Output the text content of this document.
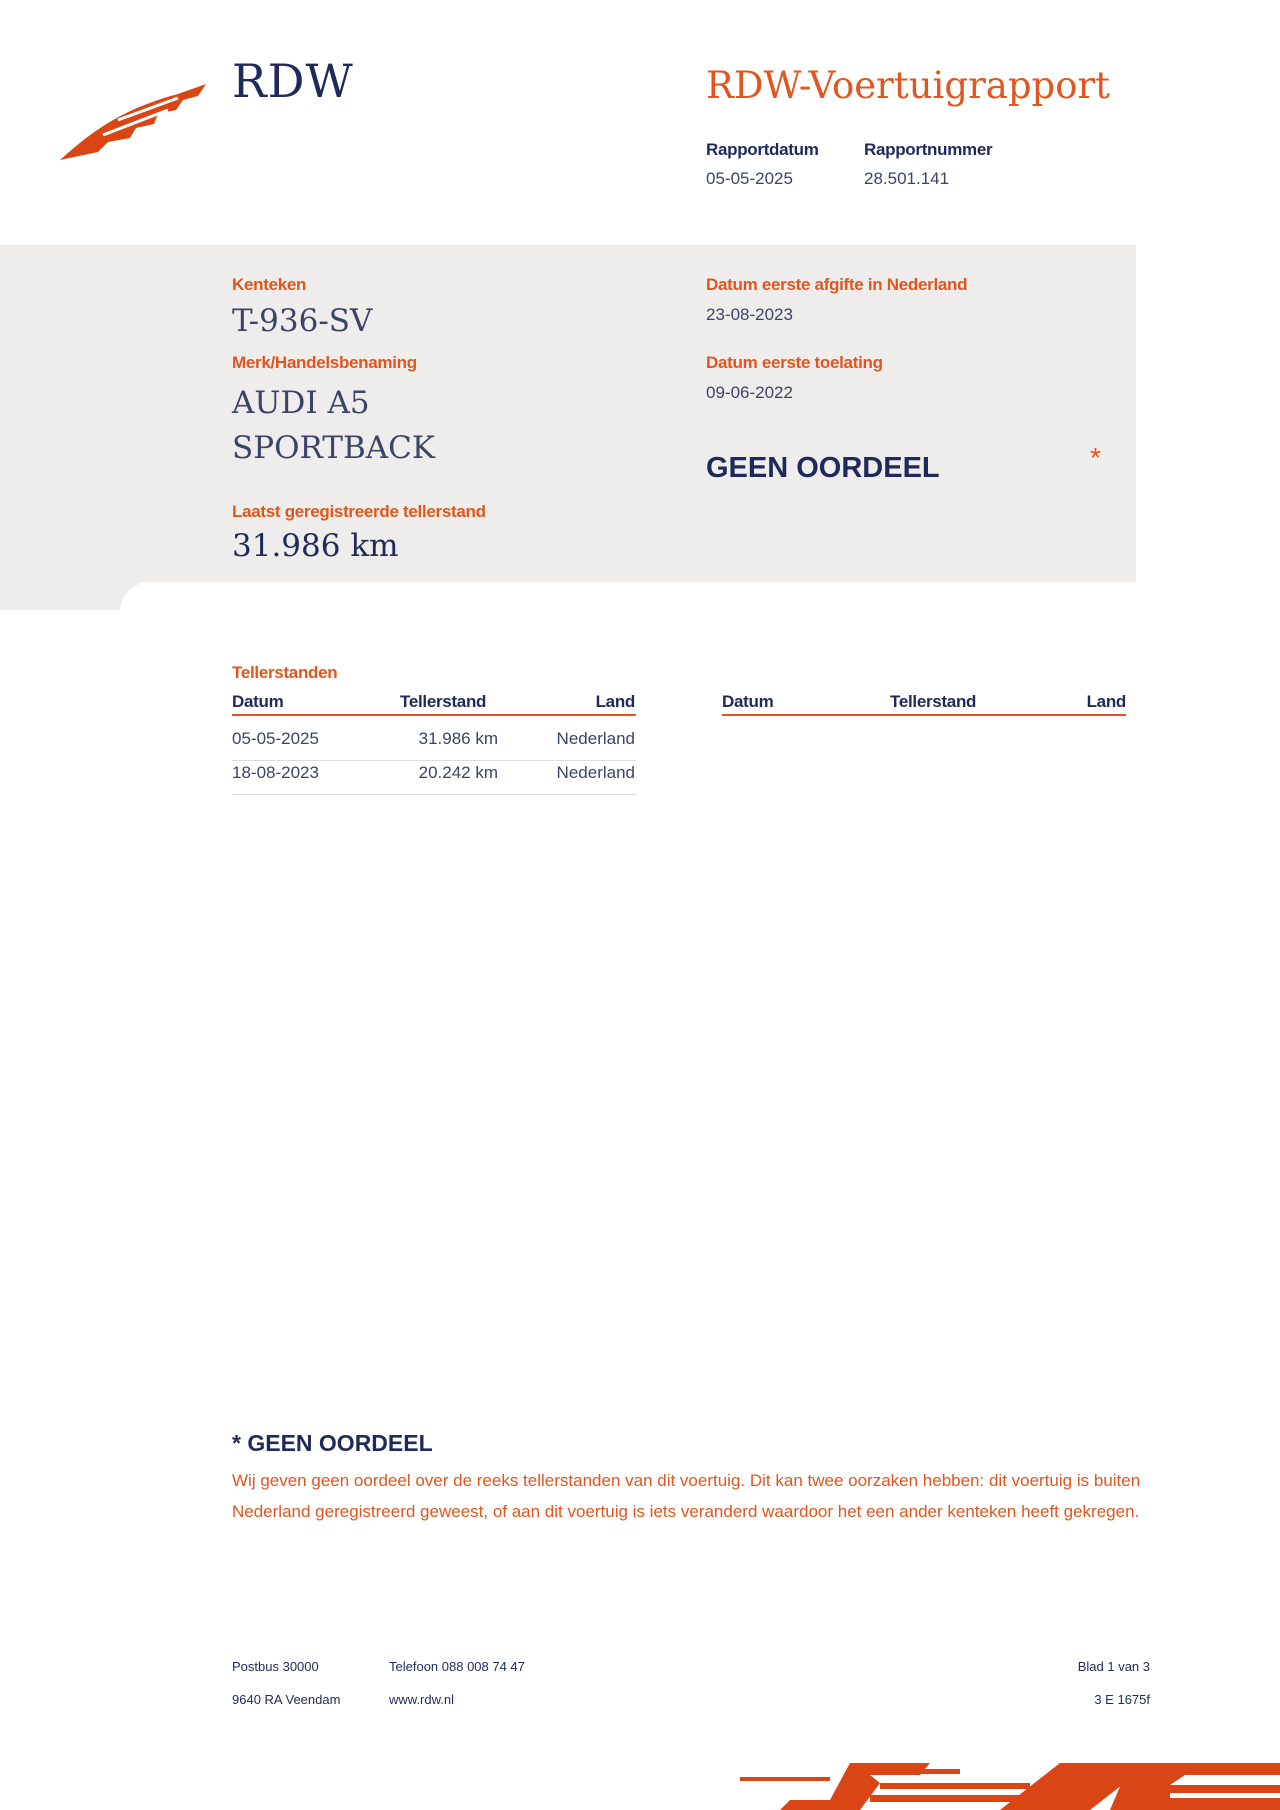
RDW	RDW-Voertuigrapport
Rapportdatum
05-05-2025
Rapportnummer
28.501.141
Kenteken
T-936-SV
Merk/Handelsbenaming
AUDI A5
SPORTBACK
Laatst geregistreerde tellerstand
31.986 km
Datum eerste afgifte in Nederland
23-08-2023
Datum eerste toelating
09-06-2022
GEEN OORDEEL	*
Tellerstanden
Datum	Tellerstand	Land	Datum	Tellerstand	Land
05-05-2025	31.986 km	Nederland
18-08-2023	20.242 km	Nederland
* GEEN OORDEEL
Wij geven geen oordeel over de reeks tellerstanden van dit voertuig. Dit kan twee oorzaken hebben: dit voertuig is buiten Nederland geregistreerd geweest, of aan dit voertuig is iets veranderd waardoor het een ander kenteken heeft gekregen.
Postbus 30000
9640 RA Veendam
Telefoon 088 008 74 47
www.rdw.nl
Blad 1 van 3
3 E 1675f
